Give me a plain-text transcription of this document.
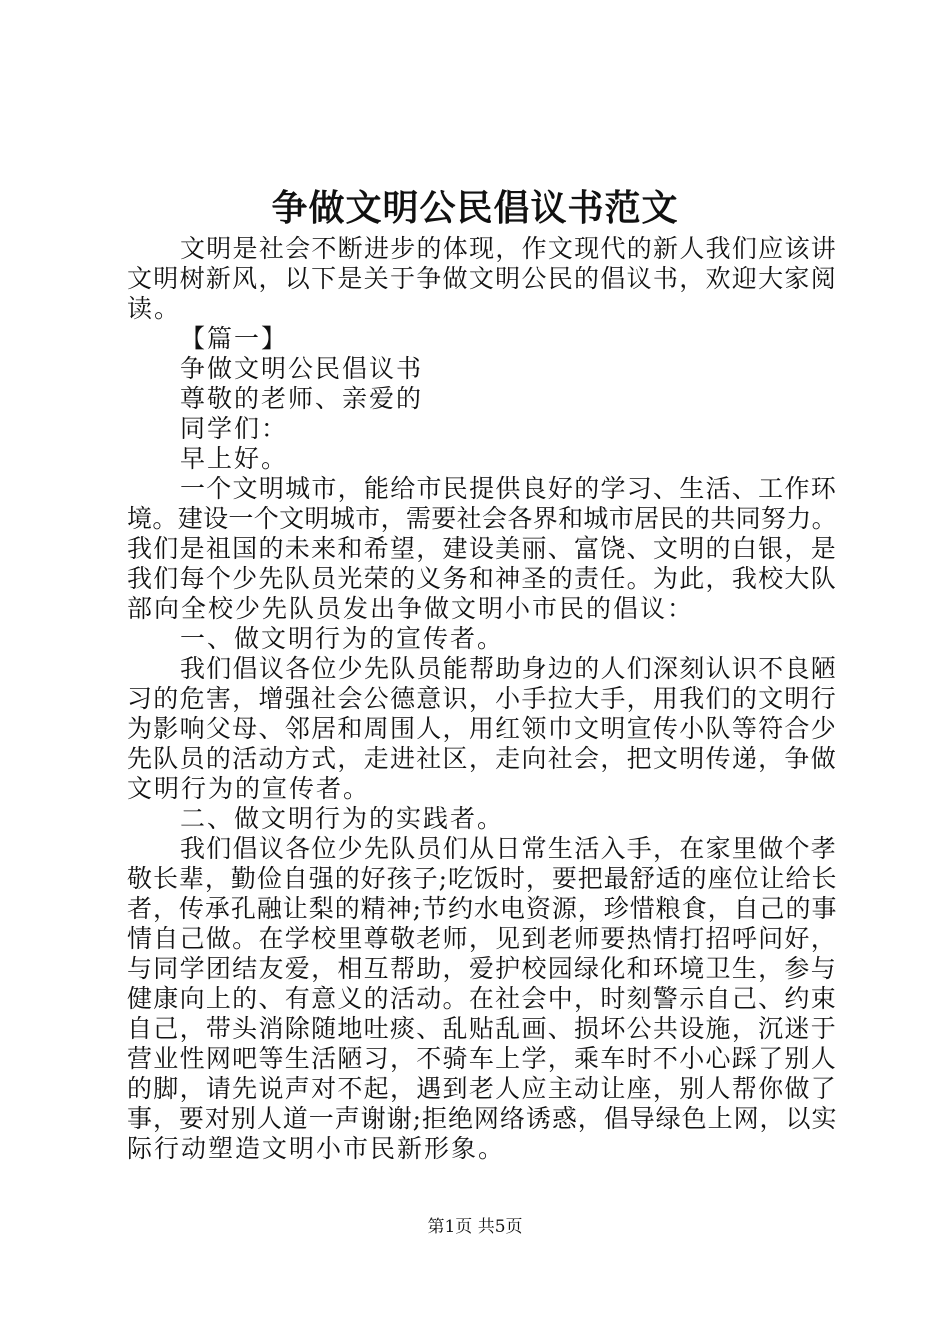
争做文明公民倡议书范文
文明是社会不断进步的体现，作文现代的新人我们应该讲
文明树新风，以下是关于争做文明公民的倡议书，欢迎大家阅
读。
【篇一】
争做文明公民倡议书
尊敬的老师、亲爱的
同学们：
早上好。
一个文明城市，能给市民提供良好的学习、生活、工作环
境。建设一个文明城市，需要社会各界和城市居民的共同努力。
我们是祖国的未来和希望，建设美丽、富饶、文明的白银，是
我们每个少先队员光荣的义务和神圣的责任。为此，我校大队
部向全校少先队员发出争做文明小市民的倡议：
一、做文明行为的宣传者。
我们倡议各位少先队员能帮助身边的人们深刻认识不良陋
习的危害，增强社会公德意识，小手拉大手，用我们的文明行
为影响父母、邻居和周围人，用红领巾文明宣传小队等符合少
先队员的活动方式，走进社区，走向社会，把文明传递，争做
文明行为的宣传者。
二、做文明行为的实践者。
我们倡议各位少先队员们从日常生活入手，在家里做个孝
敬长辈，勤俭自强的好孩子;吃饭时，要把最舒适的座位让给长
者，传承孔融让梨的精神;节约水电资源，珍惜粮食，自己的事
情自己做。在学校里尊敬老师，见到老师要热情打招呼问好，
与同学团结友爱，相互帮助，爱护校园绿化和环境卫生，参与
健康向上的、有意义的活动。在社会中，时刻警示自己、约束
自己，带头消除随地吐痰、乱贴乱画、损坏公共设施，沉迷于
营业性网吧等生活陋习，不骑车上学，乘车时不小心踩了别人
的脚，请先说声对不起，遇到老人应主动让座，别人帮你做了
事，要对别人道一声谢谢;拒绝网络诱惑，倡导绿色上网，以实
际行动塑造文明小市民新形象。
第1页 共5页
